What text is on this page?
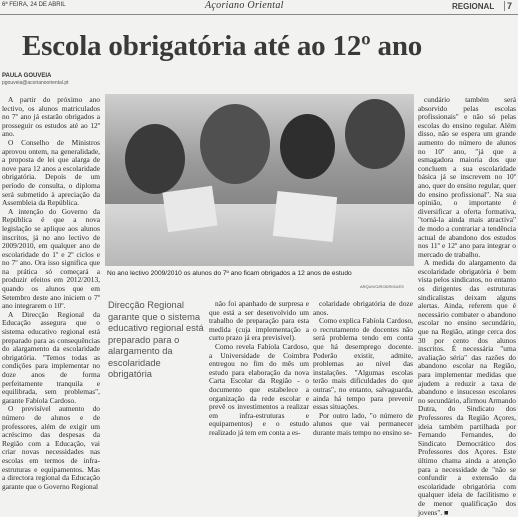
6ª FEIRA, 24 DE ABRIL	Açoriano Oriental	REGIONAL	7
Escola obrigatória até ao 12º ano
PAULA GOUVEIA
pgouveia@acorianooriental.pt

A partir do próximo ano lectivo, os alunos matriculados no 7º ano já estarão obrigados a prosseguir os estudos até ao 12º ano.

O Conselho de Ministros aprovou ontem, na generalidade, a proposta de lei que alarga de nove para 12 anos a escolaridade obrigatória. Depois de um período de consulta, o diploma será submetido à apreciação da Assembleia da República.

A intenção do Governo da República é que a nova legislação se aplique aos alunos inscritos, já no ano lectivo de 2009/2010, em qualquer ano de escolaridade do 1º e 2º ciclos e no 7º ano. Ora isso significa que na prática só começará a produzir efeitos em 2012/2013, quando os alunos que em Setembro deste ano iniciem o 7º ano integrarem o 10º.

A Direcção Regional da Educação assegura que o sistema educativo regional está preparado para as consequências do alargamento da escolaridade obrigatória. "Temos todas as condições para implementar no doze anos de forma perfeitamente tranquila e equilibrada, sem problemas", garante Fabíola Cardoso.

O previsível aumento do número de alunos e de professores, além de exigir um acréscimo das despesas da Região com a Educação, vai criar novas necessidades nas escolas em termos de infra-estruturas e equipamentos. Mas a directora regional da Educação garante que o Governo Regional

No ano lectivo 2009/2010 os alunos do 7º ano ficam obrigados a 12 anos de estudo
ARQUIVO/RODRIGUES
Direcção Regional garante que o sistema educativo regional está preparado para o alargamento da escolaridade obrigatória

não foi apanhado de surpresa e que está a ser desenvolvido um trabalho de preparação para esta medida (cuja implementação a curto prazo já era previsível).

Como revela Fabíola Cardoso, a Universidade de Coimbra entregou no fim do mês um estudo para elaboração da nova Carta Escolar da Região - o documento que estabelece a organização da rede escolar e prevê os investimentos a realizar em infra-estruturas e equipamentos) e o estudo realizado já tem em conta a es-

colaridade obrigatória de doze anos.

Como explica Fabíola Cardoso, o recrutamento de docentes não será problema tendo em conta que há desemprego docente. Poderão existir, admite, problemas ao nível das instalações. "Algumas escolas terão mais dificuldades do que outras", no entanto, salvaguarda, ainda há tempo para prevenir essas situações.

Por outro lado, "o número de alunos que vai permanecer durante mais tempo no ensino se-

cundário também será absorvido pelas escolas profissionais" e não só pelas escolas do ensino regular. Além disso, não se espera um grande aumento do número de alunos no 10º ano, "já que a esmagadora maioria dos que concluem a sua escolaridade básica já se inscrevem no 10º ano, quer do ensino regular, quer do ensino profissional". Na sua opinião, o importante é diversificar a oferta formativa, "torná-la ainda mais atractiva" de modo a contrariar a tendência actual de abandono dos estudos nos 11º e 12º ano para integrar o mercado de trabalho.

A medida do alargamento da escolaridade obrigatória é bem vista pelos sindicatos, no entanto os dirigentes das estruturas sindicalistas deixam alguns alertas. Ainda, referem que é necessário combater o abandono escolar no ensino secundário, que na Região, atinge cerca dos 30 por cento dos alunos inscritos. É necessária "uma avaliação séria" das razões do abandono escolar na Região, para implementar medidas que ajudem a reduzir a taxa de abandono e insucesso escolares no secundário, afirmou Armando Dutra, do Sindicato dos Professores da Região Açores, ideia também partilhada por Fernando Fernandes, do Sindicato Democrático dos Professores dos Açores. Este último chama ainda a atenção para a necessidade de "não se confundir a extensão da escolaridade obrigatória com qualquer ideia de facilitismo e de menor qualificação dos jovens". ■
